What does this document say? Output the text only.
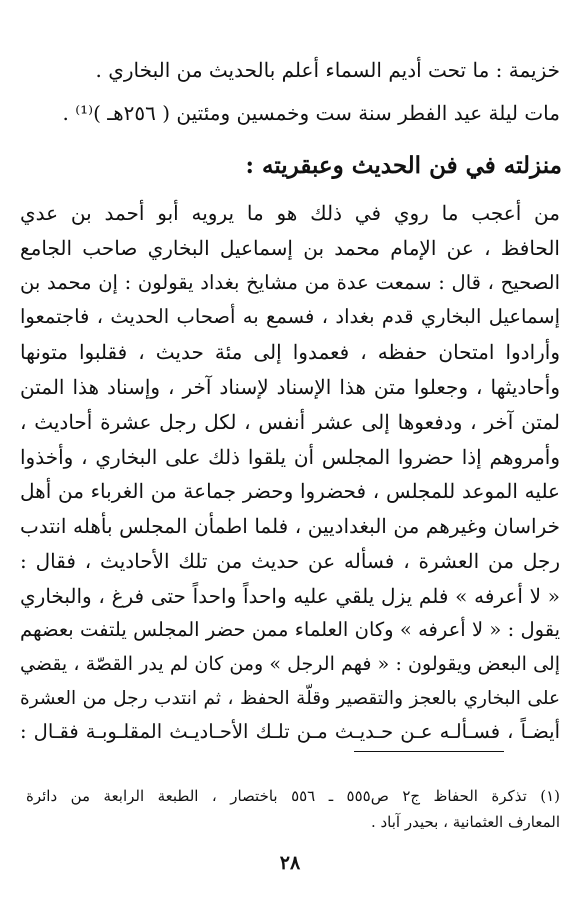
خزيمة : ما تحت أديم السماء أعلم بالحديث من البخاري .
مات ليلة عيد الفطر سنة ست وخمسين ومئتين ( ٢٥٦هـ )⁽¹⁾ .
منزلته في فن الحديث وعبقريته :
من أعجب ما روي في ذلك هو ما يرويه أبو أحمد بن عدي
الحافظ ، عن الإمام محمد بن إسماعيل البخاري صاحب الجامع
الصحيح ، قال : سمعت عدة من مشايخ بغداد يقولون : إن محمد بن
إسماعيل البخاري قدم بغداد ، فسمع به أصحاب الحديث ، فاجتمعوا
وأرادوا امتحان حفظه ، فعمدوا إلى مئة حديث ، فقلبوا متونها
وأحاديثها ، وجعلوا متن هذا الإسناد لإسناد آخر ، وإسناد هذا المتن
لمتن آخر ، ودفعوها إلى عشر أنفس ، لكل رجل عشرة أحاديث ،
وأمروهم إذا حضروا المجلس أن يلقوا ذلك على البخاري ، وأخذوا
عليه الموعد للمجلس ، فحضروا وحضر جماعة من الغرباء من أهل
خراسان وغيرهم من البغداديين ، فلما اطمأن المجلس بأهله انتدب
رجل من العشرة ، فسأله عن حديث من تلك الأحاديث ، فقال :
« لا أعرفه » فلم يزل يلقي عليه واحداً واحداً حتى فرغ ، والبخاري
يقول : « لا أعرفه » وكان العلماء ممن حضر المجلس يلتفت بعضهم
إلى البعض ويقولون : « فهم الرجل » ومن كان لم يدر القصّة ، يقضي
على البخاري بالعجز والتقصير وقلّة الحفظ ، ثم انتدب رجل من العشرة
أيضـاً ، فسـألـه عـن حـديـث مـن تلـك الأحـاديـث المقلـوبـة فقـال :
(١) تذكرة الحفاظ ج٢ ص٥٥٥ ـ ٥٥٦ باختصار ، الطبعة الرابعة من دائرة
المعارف العثمانية ، بحيدر آباد .
٢٨
